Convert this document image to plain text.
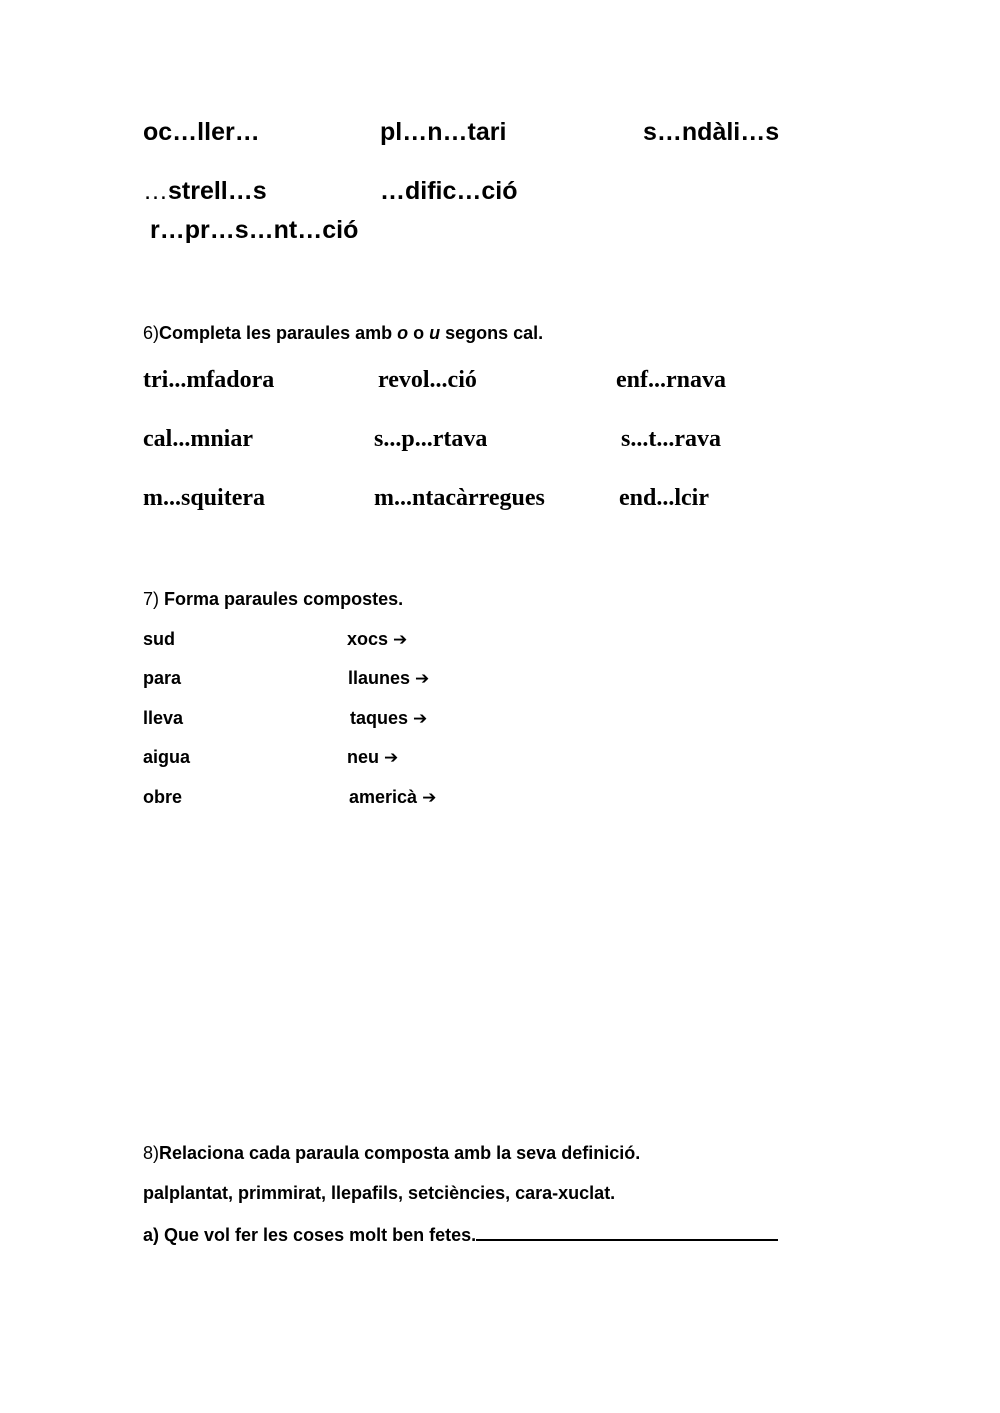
oc…ller…	pl…n…tari	s…ndàli…s
…strell…s	…dific…ció
r…pr…s…nt…ció
6)Completa les paraules amb o o u segons cal.
tri...mfadora	revol...ció	enf...rnava
cal...mniar	s...p...rtava	s...t...rava
m...squitera	m...ntacàrregues	end...lcir
7) Forma paraules compostes.
sud	xocs ➔
para	llaunes ➔
lleva	taques ➔
aigua	neu ➔
obre	americà ➔
8)Relaciona cada paraula composta amb la seva definició.
palplantat, primmirat, llepafils, setciències, cara-xuclat.
a) Que vol fer les coses molt ben fetes.
